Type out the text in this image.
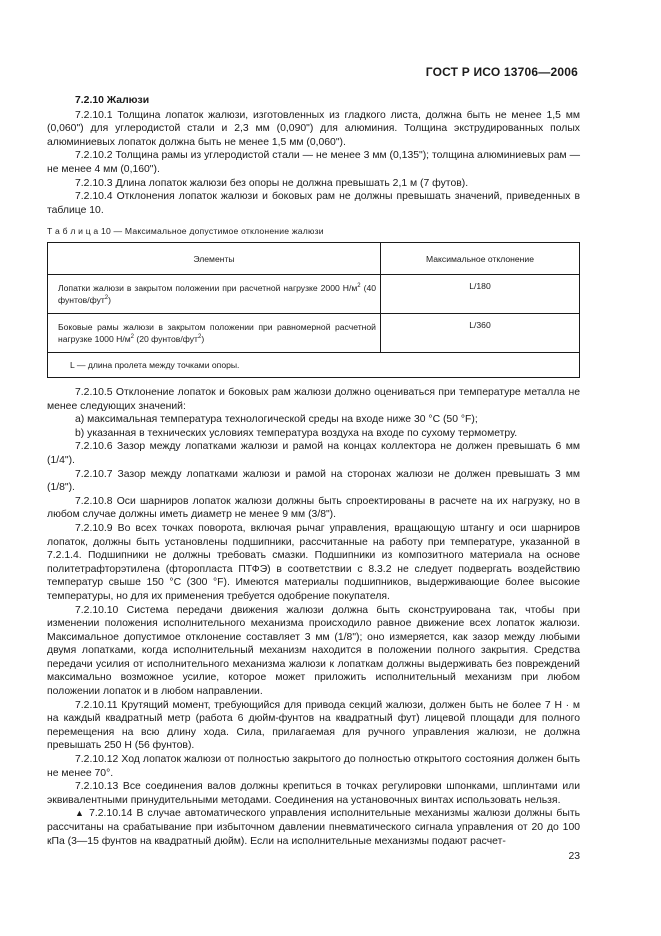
ГОСТ Р ИСО 13706—2006

7.2.10 Жалюзи

7.2.10.1 Толщина лопаток жалюзи, изготовленных из гладкого листа, должна быть не менее 1,5 мм (0,060") для углеродистой стали и 2,3 мм (0,090") для алюминия. Толщина экструдированных полых алюминиевых лопаток должна быть не менее 1,5 мм (0,060").

7.2.10.2 Толщина рамы из углеродистой стали — не менее 3 мм (0,135"); толщина алюминиевых рам — не менее 4 мм (0,160").

7.2.10.3 Длина лопаток жалюзи без опоры не должна превышать 2,1 м (7 футов).

7.2.10.4 Отклонения лопаток жалюзи и боковых рам не должны превышать значений, приведенных в таблице 10.

Т а б л и ц а 10 — Максимальное допустимое отклонение жалюзи
Элементы	Максимальное отклонение
Лопатки жалюзи в закрытом положении при расчетной нагрузке 2000 $Н/м^2$ (40 фунтов/фут$^2$)	L/180
Боковые рамы жалюзи в закрытом положении при равномерной расчетной нагрузке 1000 $Н/м^2$ (20 фунтов/фут$^2$)	L/360
L — длина пролета между точками опоры.	

7.2.10.5 Отклонение лопаток и боковых рам жалюзи должно оцениваться при температуре металла не менее следующих значений:

a) максимальная температура технологической среды на входе ниже 30 °С (50 °F);

b) указанная в технических условиях температура воздуха на входе по сухому термометру.

7.2.10.6 Зазор между лопатками жалюзи и рамой на концах коллектора не должен превышать 6 мм (1/4").

7.2.10.7 Зазор между лопатками жалюзи и рамой на сторонах жалюзи не должен превышать 3 мм (1/8").

7.2.10.8 Оси шарниров лопаток жалюзи должны быть спроектированы в расчете на их нагрузку, но в любом случае должны иметь диаметр не менее 9 мм (3/8").

7.2.10.9 Во всех точках поворота, включая рычаг управления, вращающую штангу и оси шарниров лопаток, должны быть установлены подшипники, рассчитанные на работу при температуре, указанной в 7.2.1.4. Подшипники не должны требовать смазки. Подшипники из композитного материала на основе политетрафторэтилена (фторопласта ПТФЭ) в соответствии с 8.3.2 не следует подвергать воздействию температур свыше 150 °С (300 °F). Имеются материалы подшипников, выдерживающие более высокие температуры, но для их применения требуется одобрение покупателя.

7.2.10.10 Система передачи движения жалюзи должна быть сконструирована так, чтобы при изменении положения исполнительного механизма происходило равное движение всех лопаток жалюзи. Максимальное допустимое отклонение составляет 3 мм (1/8"); оно измеряется, как зазор между любыми двумя лопатками, когда исполнительный механизм находится в положении полного закрытия. Средства передачи усилия от исполнительного механизма жалюзи к лопаткам должны выдерживать без повреждений максимально возможное усилие, которое может приложить исполнительный механизм при любом положении лопаток и в любом направлении.

7.2.10.11 Крутящий момент, требующийся для привода секций жалюзи, должен быть не более 7 Н · м на каждый квадратный метр (работа 6 дюйм-фунтов на квадратный фут) лицевой площади для полного перемещения на всю длину хода. Сила, прилагаемая для ручного управления жалюзи, не должна превышать 250 Н (56 фунтов).

7.2.10.12 Ход лопаток жалюзи от полностью закрытого до полностью открытого состояния должен быть не менее 70°.

7.2.10.13 Все соединения валов должны крепиться в точках регулировки шпонками, шплинтами или эквивалентными принудительными методами. Соединения на установочных винтах использовать нельзя.

▲ 7.2.10.14 В случае автоматического управления исполнительные механизмы жалюзи должны быть рассчитаны на срабатывание при избыточном давлении пневматического сигнала управления от 20 до 100 кПа (3—15 фунтов на квадратный дюйм). Если на исполнительные механизмы подают расчет-

23
